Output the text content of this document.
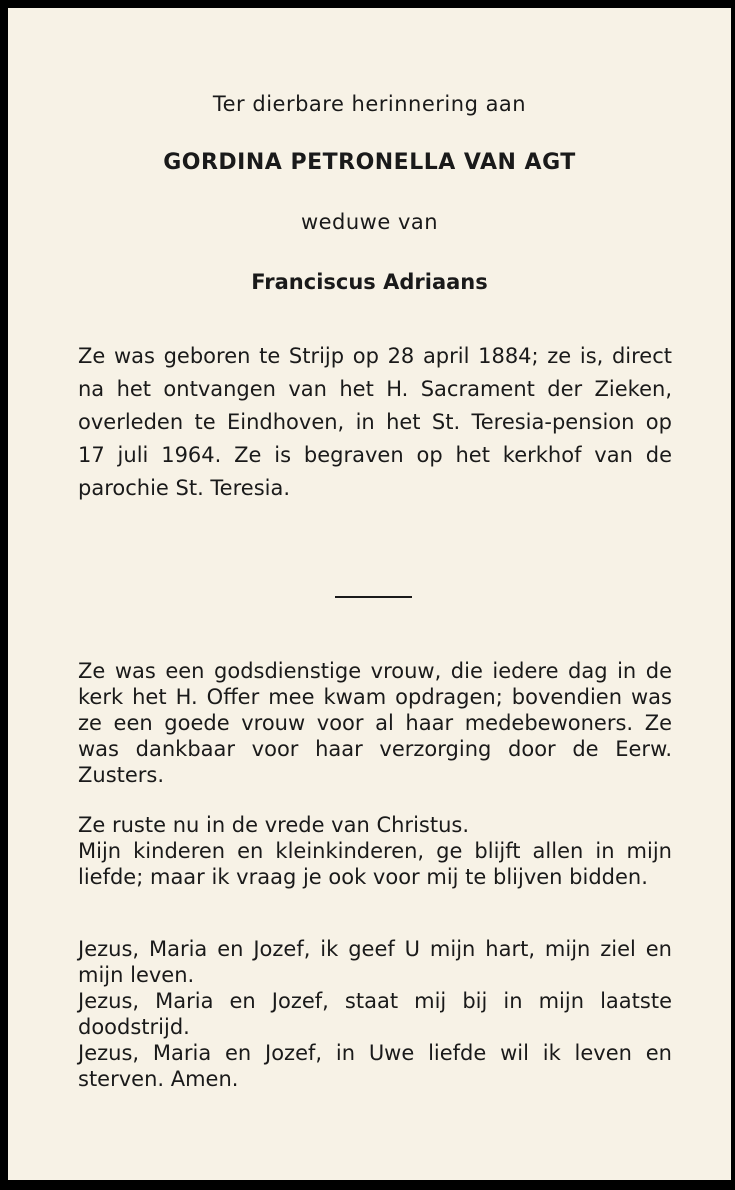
Ter dierbare herinnering aan
GORDINA PETRONELLA VAN AGT
weduwe van
Franciscus Adriaans
Ze was geboren te Strijp op 28 april 1884; ze is, direct na het ontvangen van het H. Sacrament der Zieken, overleden te Eindhoven, in het St. Teresia-pension op 17 juli 1964. Ze is begraven op het kerkhof van de parochie St. Teresia.
Ze was een godsdienstige vrouw, die iedere dag in de kerk het H. Offer mee kwam opdragen; bovendien was ze een goede vrouw voor al haar medebewoners. Ze was dankbaar voor haar verzorging door de Eerw. Zusters.
Ze ruste nu in de vrede van Christus.
Mijn kinderen en kleinkinderen, ge blijft allen in mijn liefde; maar ik vraag je ook voor mij te blijven bidden.
Jezus, Maria en Jozef, ik geef U mijn hart, mijn ziel en mijn leven.
Jezus, Maria en Jozef, staat mij bij in mijn laatste doodstrijd.
Jezus, Maria en Jozef, in Uwe liefde wil ik leven en sterven. Amen.
